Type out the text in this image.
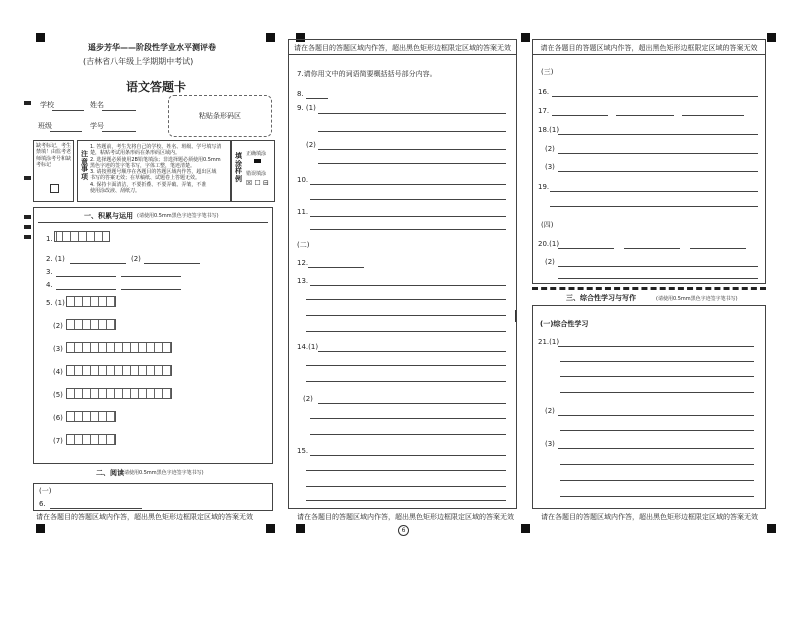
遥步芳华——阶段性学业水平测评卷
(吉林省八年级上学期期中考试)
语文答题卡
学校	姓名
班级	学号
粘贴条形码区
缺考标记，考生禁填！由监考老师填涂考号和缺考标记
注意事项
1. 答题前，考生先将自己的学校、姓名、班级、学号填写清
楚，粘贴考试用条形码在条形码区域内。
2. 选择题必须使用2B铅笔填涂；非选择题必须使用0.5mm
黑色字迹的签字笔书写，字体工整，笔迹清楚。
3. 请按照题号顺序在各题目的答题区域内作答，超出区域
书写的答案无效；在草稿纸、试题卷上答题无效。
4. 保持卡面清洁，不要折叠、不要弄破、弄皱，不准
使用涂改液、刮纸刀。
填涂样例
正确填涂
错误填涂
☒ ☐ ⊟
一、积累与运用 (请使用0.5mm黑色字迹签字笔书写)
1.
2. (1)	(2)
3.
4.
5. (1)
(2)
(3)
(4)
(5)
(6)
(7)
二、阅读
(请使用0.5mm黑色字迹签字笔书写)
(一)
6.
请在各题目的答题区域内作答，超出黑色矩形边框限定区域的答案无效
请在各题目的答题区域内作答，超出黑色矩形边框限定区域的答案无效
7.请你用文中的词语简要概括括号部分内容。
8.
9. (1)
(2)
10.
11.
(二)
12.
13.
14.(1)
(2)
15.
请在各题目的答题区域内作答，超出黑色矩形边框限定区域的答案无效
6
请在各题目的答题区域内作答，超出黑色矩形边框限定区域的答案无效
(三)
16.
17.
18.(1)
(2)
(3)
19.
(四)
20.(1)
(2)
三、综合性学习与写作	(请使用0.5mm黑色字迹签字笔书写)
(一)综合性学习
21.(1)
(2)
(3)
请在各题目的答题区域内作答，超出黑色矩形边框限定区域的答案无效
